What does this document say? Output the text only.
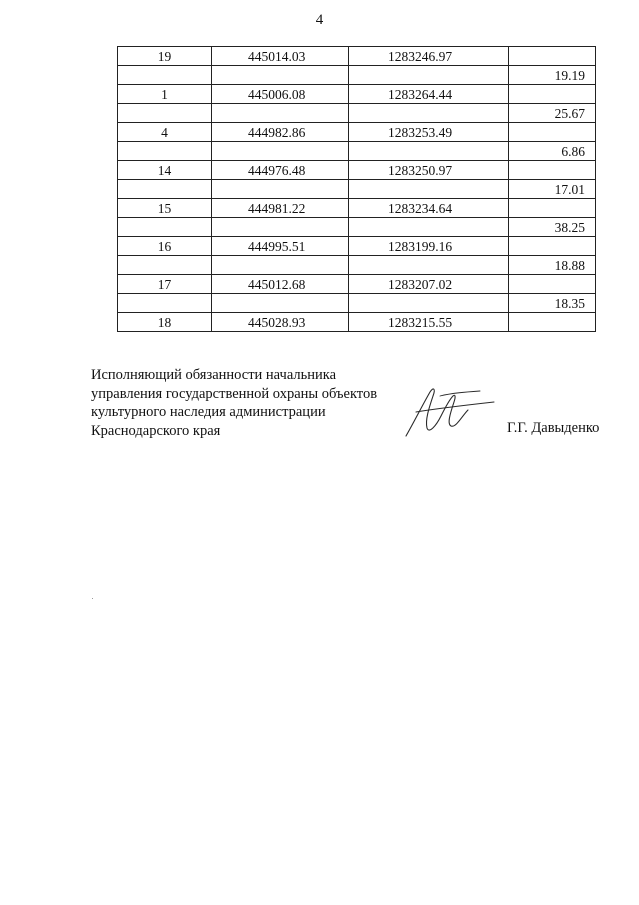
4
19	445014.03	1283246.97	
			19.19
1	445006.08	1283264.44	
			25.67
4	444982.86	1283253.49	
			6.86
14	444976.48	1283250.97	
			17.01
15	444981.22	1283234.64	
			38.25
16	444995.51	1283199.16	
			18.88
17	445012.68	1283207.02	
			18.35
18	445028.93	1283215.55	
Исполняющий обязанности начальника
управления государственной охраны объектов
культурного наследия администрации
Краснодарского края	Г.Г. Давыденко
